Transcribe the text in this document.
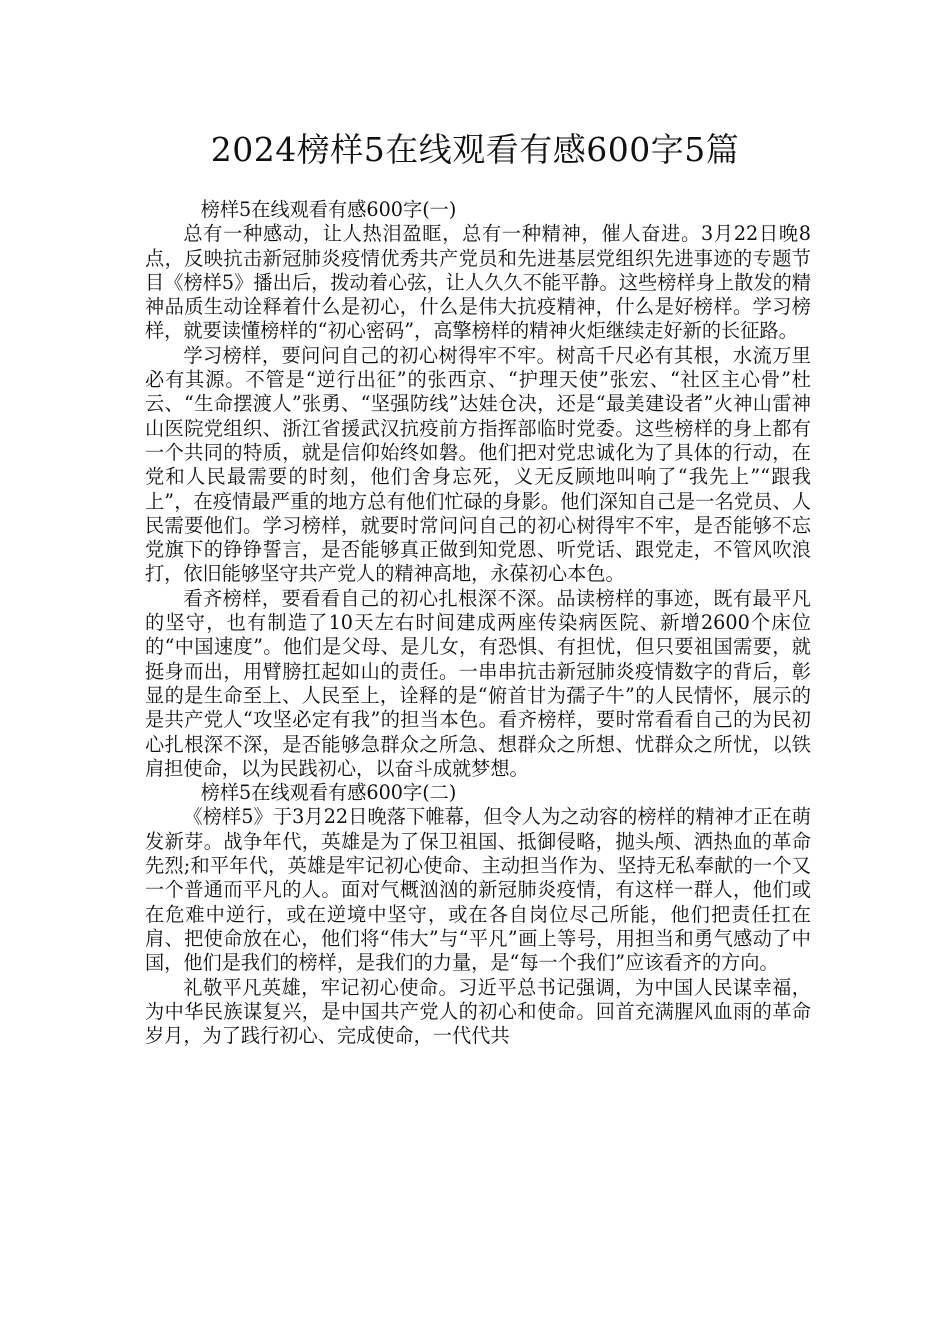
2024榜样5在线观看有感600字5篇

榜样5在线观看有感600字(一)

总有一种感动，让人热泪盈眶，总有一种精神，催人奋进。3月22日晚8点，反映抗击新冠肺炎疫情优秀共产党员和先进基层党组织先进事迹的专题节目《榜样5》播出后，拨动着心弦，让人久久不能平静。这些榜样身上散发的精神品质生动诠释着什么是初心，什么是伟大抗疫精神，什么是好榜样。学习榜样，就要读懂榜样的“初心密码”，高擎榜样的精神火炬继续走好新的长征路。

学习榜样，要问问自己的初心树得牢不牢。树高千尺必有其根，水流万里必有其源。不管是“逆行出征”的张西京、“护理天使”张宏、“社区主心骨”杜云、“生命摆渡人”张勇、“坚强防线”达娃仓决，还是“最美建设者”火神山雷神山医院党组织、浙江省援武汉抗疫前方指挥部临时党委。这些榜样的身上都有一个共同的特质，就是信仰始终如磐。他们把对党忠诚化为了具体的行动，在党和人民最需要的时刻，他们舍身忘死，义无反顾地叫响了“我先上”“跟我上”，在疫情最严重的地方总有他们忙碌的身影。他们深知自己是一名党员、人民需要他们。学习榜样，就要时常问问自己的初心树得牢不牢，是否能够不忘党旗下的铮铮誓言，是否能够真正做到知党恩、听党话、跟党走，不管风吹浪打，依旧能够坚守共产党人的精神高地，永葆初心本色。

看齐榜样，要看看自己的初心扎根深不深。品读榜样的事迹，既有最平凡的坚守，也有制造了10天左右时间建成两座传染病医院、新增2600个床位的“中国速度”。他们是父母、是儿女，有恐惧、有担忧，但只要祖国需要，就挺身而出，用臂膀扛起如山的责任。一串串抗击新冠肺炎疫情数字的背后，彰显的是生命至上、人民至上，诠释的是“俯首甘为孺子牛”的人民情怀，展示的是共产党人“攻坚必定有我”的担当本色。看齐榜样，要时常看看自己的为民初心扎根深不深，是否能够急群众之所急、想群众之所想、忧群众之所忧，以铁肩担使命，以为民践初心，以奋斗成就梦想。

榜样5在线观看有感600字(二)

《榜样5》于3月22日晚落下帷幕，但令人为之动容的榜样的精神才正在萌发新芽。战争年代，英雄是为了保卫祖国、抵御侵略，抛头颅、洒热血的革命先烈;和平年代，英雄是牢记初心使命、主动担当作为、坚持无私奉献的一个又一个普通而平凡的人。面对气概汹汹的新冠肺炎疫情，有这样一群人，他们或在危难中逆行，或在逆境中坚守，或在各自岗位尽己所能，他们把责任扛在肩、把使命放在心，他们将“伟大”与“平凡”画上等号，用担当和勇气感动了中国，他们是我们的榜样，是我们的力量，是“每一个我们”应该看齐的方向。

礼敬平凡英雄，牢记初心使命。习近平总书记强调，为中国人民谋幸福，为中华民族谋复兴，是中国共产党人的初心和使命。回首充满腥风血雨的革命岁月，为了践行初心、完成使命，一代代共
